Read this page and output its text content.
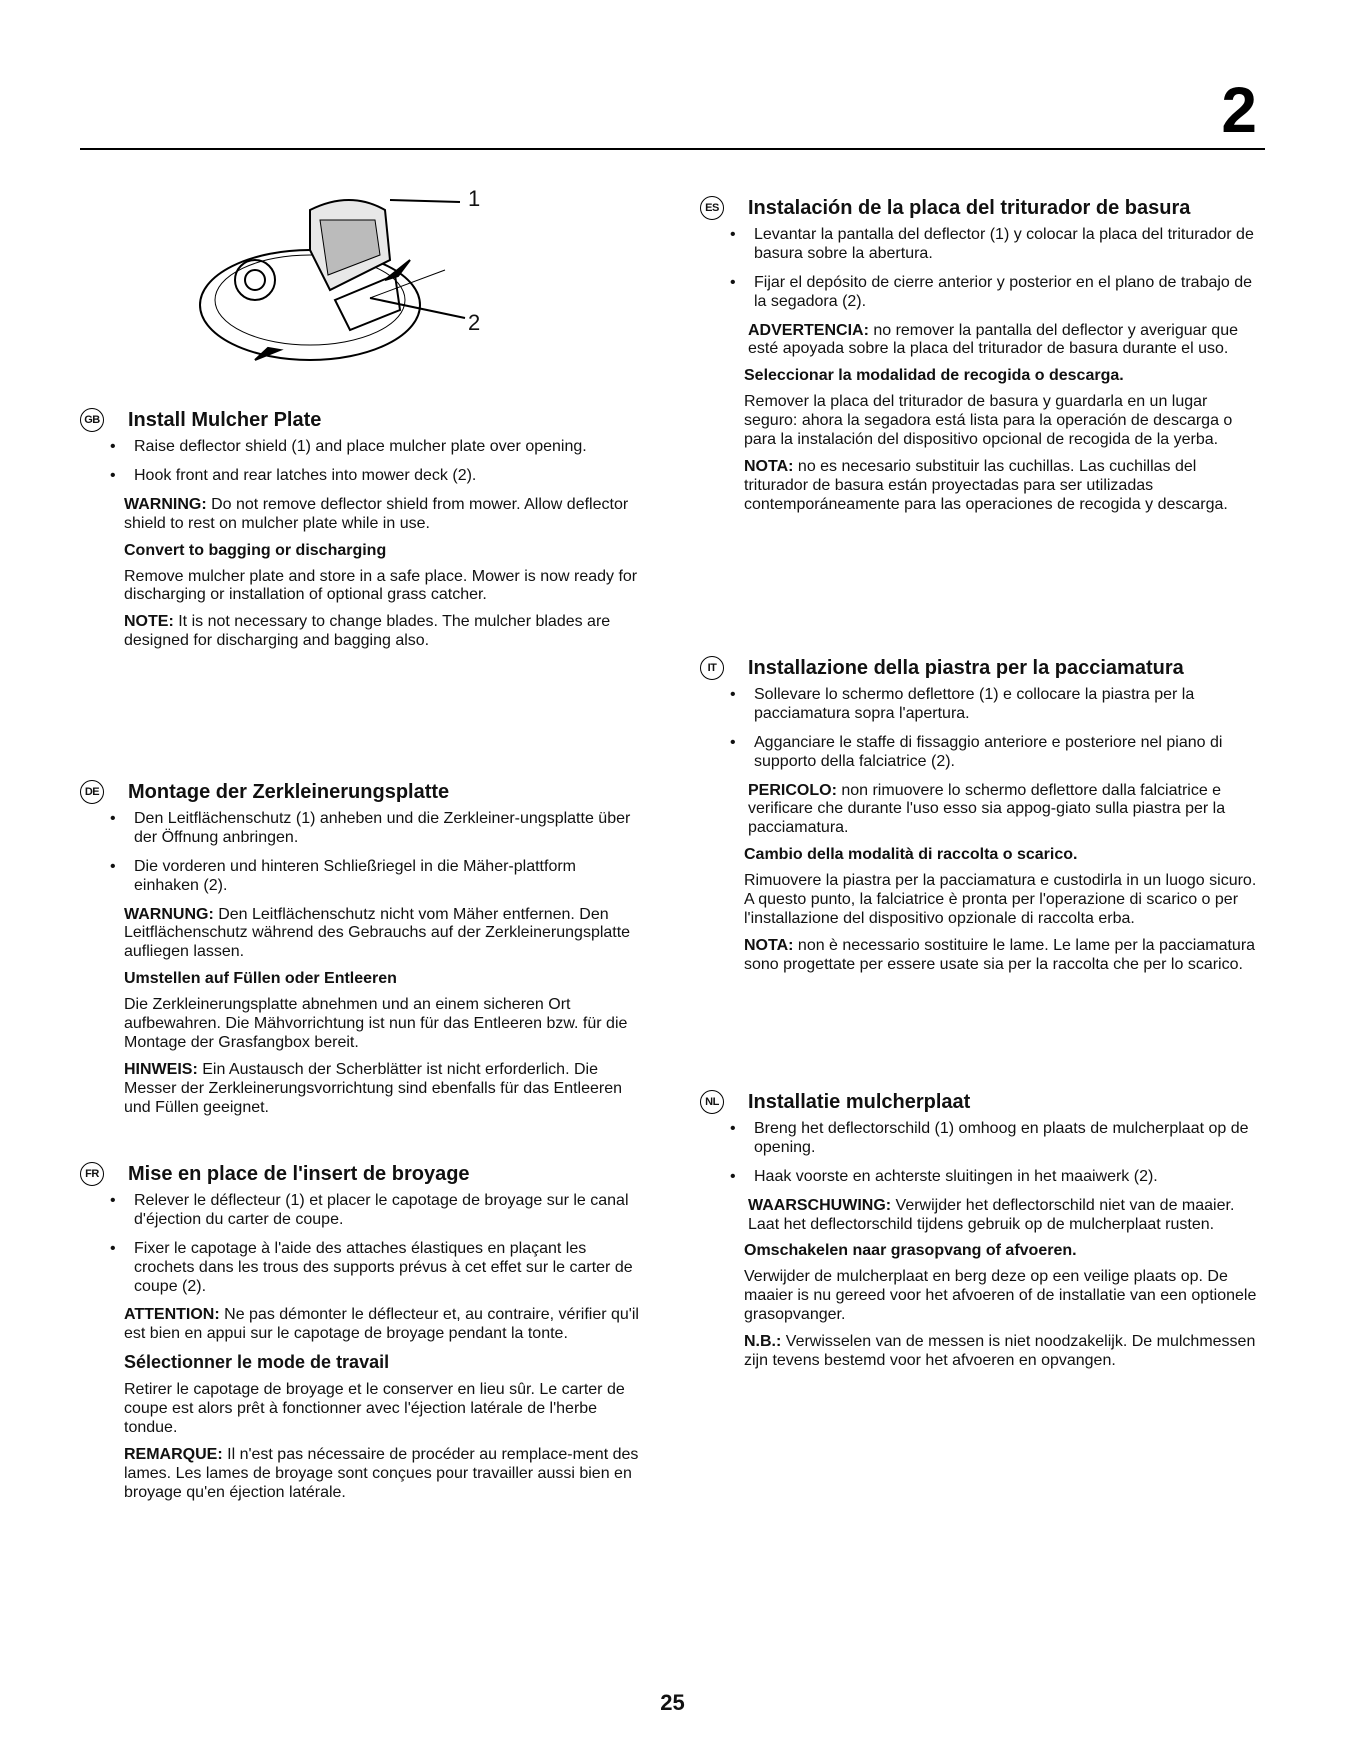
2
1
2
GB Install Mulcher Plate
• Raise deflector shield (1) and place mulcher plate over opening.
• Hook front and rear latches into mower deck (2).

WARNING: Do not remove deflector shield from mower. Allow deflector shield to rest on mulcher plate while in use.

Convert to bagging or discharging

Remove mulcher plate and store in a safe place. Mower is now ready for discharging or installation of optional grass catcher.

NOTE: It is not necessary to change blades. The mulcher blades are designed for discharging and bagging also.

DE Montage der Zerkleinerungsplatte
• Den Leitflächenschutz (1) anheben und die Zerkleiner-ungsplatte über der Öffnung anbringen.
• Die vorderen und hinteren Schließriegel in die Mäher-plattform einhaken (2).

WARNUNG: Den Leitflächenschutz nicht vom Mäher entfernen. Den Leitflächenschutz während des Gebrauchs auf der Zerkleinerungsplatte aufliegen lassen.

Umstellen auf Füllen oder Entleeren

Die Zerkleinerungsplatte abnehmen und an einem sicheren Ort aufbewahren. Die Mähvorrichtung ist nun für das Entleeren bzw. für die Montage der Grasfangbox bereit.

HINWEIS: Ein Austausch der Scherblätter ist nicht erforderlich. Die Messer der Zerkleinerungsvorrichtung sind ebenfalls für das Entleeren und Füllen geeignet.

FR Mise en place de l'insert de broyage
• Relever le déflecteur (1) et placer le capotage de broyage sur le canal d'éjection du carter de coupe.
• Fixer le capotage à l'aide des attaches élastiques en plaçant les crochets dans les trous des supports prévus à cet effet sur le carter de coupe (2).

ATTENTION: Ne pas démonter le déflecteur et, au contraire, vérifier qu'il est bien en appui sur le capotage de broyage pendant la tonte.

Sélectionner le mode de travail

Retirer le capotage de broyage et le conserver en lieu sûr. Le carter de coupe est alors prêt à fonctionner avec l'éjection latérale de l'herbe tondue.

REMARQUE: Il n'est pas nécessaire de procéder au remplace-ment des lames. Les lames de broyage sont conçues pour travailler aussi bien en broyage qu'en éjection latérale.

ES Instalación de la placa del triturador de basura
• Levantar la pantalla del deflector (1) y colocar la placa del triturador de basura sobre la abertura.
• Fijar el depósito de cierre anterior y posterior en el plano de trabajo de la segadora (2).

ADVERTENCIA: no remover la pantalla del deflector y averiguar que esté apoyada sobre la placa del triturador de basura durante el uso.

Seleccionar la modalidad de recogida o descarga.

Remover la placa del triturador de basura y guardarla en un lugar seguro: ahora la segadora está lista para la operación de descarga o para la instalación del dispositivo opcional de recogida de la yerba.

NOTA: no es necesario substituir las cuchillas. Las cuchillas del triturador de basura están proyectadas para ser utilizadas contemporáneamente para las operaciones de recogida y descarga.

IT	Installazione della piastra per la pacciamatura
• Sollevare lo schermo deflettore (1) e collocare la piastra per la pacciamatura sopra l'apertura.
• Agganciare le staffe di fissaggio anteriore e posteriore nel piano di supporto della falciatrice (2).

PERICOLO: non rimuovere lo schermo deflettore dalla falciatrice e verificare che durante l'uso esso sia appog-giato sulla piastra per la pacciamatura.

Cambio della modalità di raccolta o scarico.

Rimuovere la piastra per la pacciamatura e custodirla in un luogo sicuro. A questo punto, la falciatrice è pronta per l'operazione di scarico o per l'installazione del dispositivo opzionale di raccolta erba.

NOTA: non è necessario sostituire le lame. Le lame per la pacciamatura sono progettate per essere usate sia per la raccolta che per lo scarico.

NL Installatie mulcherplaat
• Breng het deflectorschild (1) omhoog en plaats de mulcherplaat op de opening.
• Haak voorste en achterste sluitingen in het maaiwerk (2).

WAARSCHUWING: Verwijder het deflectorschild niet van de maaier. Laat het deflectorschild tijdens gebruik op de mulcherplaat rusten.

Omschakelen naar grasopvang of afvoeren.

Verwijder de mulcherplaat en berg deze op een veilige plaats op. De maaier is nu gereed voor het afvoeren of de installatie van een optionele grasopvanger.

N.B.: Verwisselen van de messen is niet noodzakelijk. De mulchmessen zijn tevens bestemd voor het afvoeren en opvangen.

25
